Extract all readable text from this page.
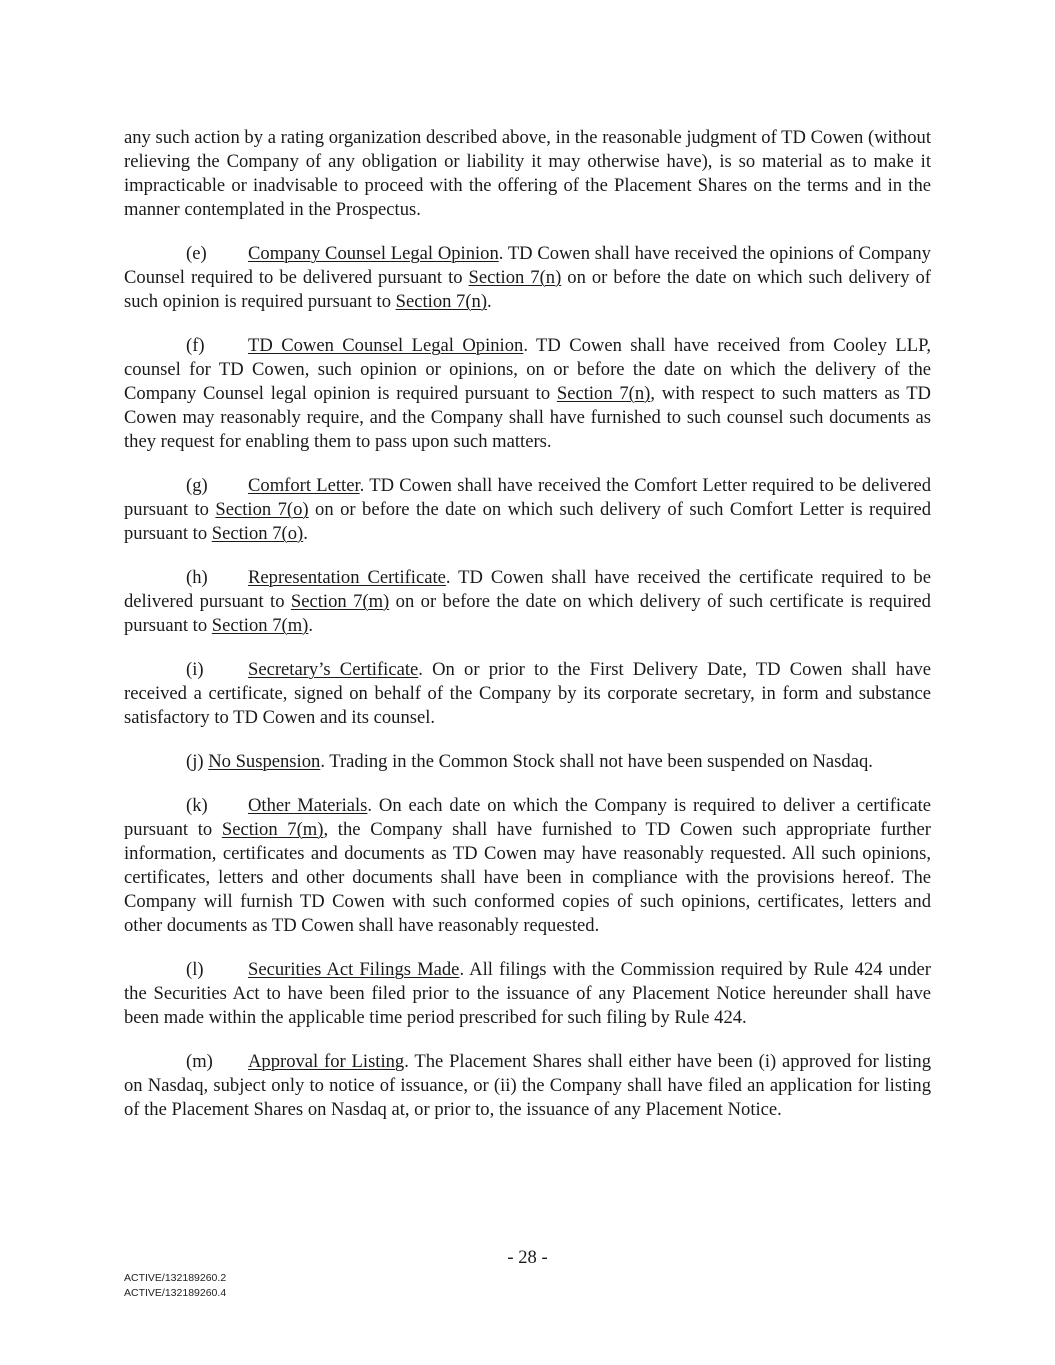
any such action by a rating organization described above, in the reasonable judgment of TD Cowen (without relieving the Company of any obligation or liability it may otherwise have), is so material as to make it impracticable or inadvisable to proceed with the offering of the Placement Shares on the terms and in the manner contemplated in the Prospectus.

(e) Company Counsel Legal Opinion. TD Cowen shall have received the opinions of Company Counsel required to be delivered pursuant to Section 7(n) on or before the date on which such delivery of such opinion is required pursuant to Section 7(n).

(f) TD Cowen Counsel Legal Opinion. TD Cowen shall have received from Cooley LLP, counsel for TD Cowen, such opinion or opinions, on or before the date on which the delivery of the Company Counsel legal opinion is required pursuant to Section 7(n), with respect to such matters as TD Cowen may reasonably require, and the Company shall have furnished to such counsel such documents as they request for enabling them to pass upon such matters.

(g) Comfort Letter. TD Cowen shall have received the Comfort Letter required to be delivered pursuant to Section 7(o) on or before the date on which such delivery of such Comfort Letter is required pursuant to Section 7(o).

(h) Representation Certificate. TD Cowen shall have received the certificate required to be delivered pursuant to Section 7(m) on or before the date on which delivery of such certificate is required pursuant to Section 7(m).

(i) Secretary’s Certificate. On or prior to the First Delivery Date, TD Cowen shall have received a certificate, signed on behalf of the Company by its corporate secretary, in form and substance satisfactory to TD Cowen and its counsel.

(j) No Suspension. Trading in the Common Stock shall not have been suspended on Nasdaq.

(k) Other Materials. On each date on which the Company is required to deliver a certificate pursuant to Section 7(m), the Company shall have furnished to TD Cowen such appropriate further information, certificates and documents as TD Cowen may have reasonably requested. All such opinions, certificates, letters and other documents shall have been in compliance with the provisions hereof. The Company will furnish TD Cowen with such conformed copies of such opinions, certificates, letters and other documents as TD Cowen shall have reasonably requested.

(l) Securities Act Filings Made. All filings with the Commission required by Rule 424 under the Securities Act to have been filed prior to the issuance of any Placement Notice hereunder shall have been made within the applicable time period prescribed for such filing by Rule 424.

(m) Approval for Listing. The Placement Shares shall either have been (i) approved for listing on Nasdaq, subject only to notice of issuance, or (ii) the Company shall have filed an application for listing of the Placement Shares on Nasdaq at, or prior to, the issuance of any Placement Notice.

- 28 -
ACTIVE/132189260.2
ACTIVE/132189260.4
